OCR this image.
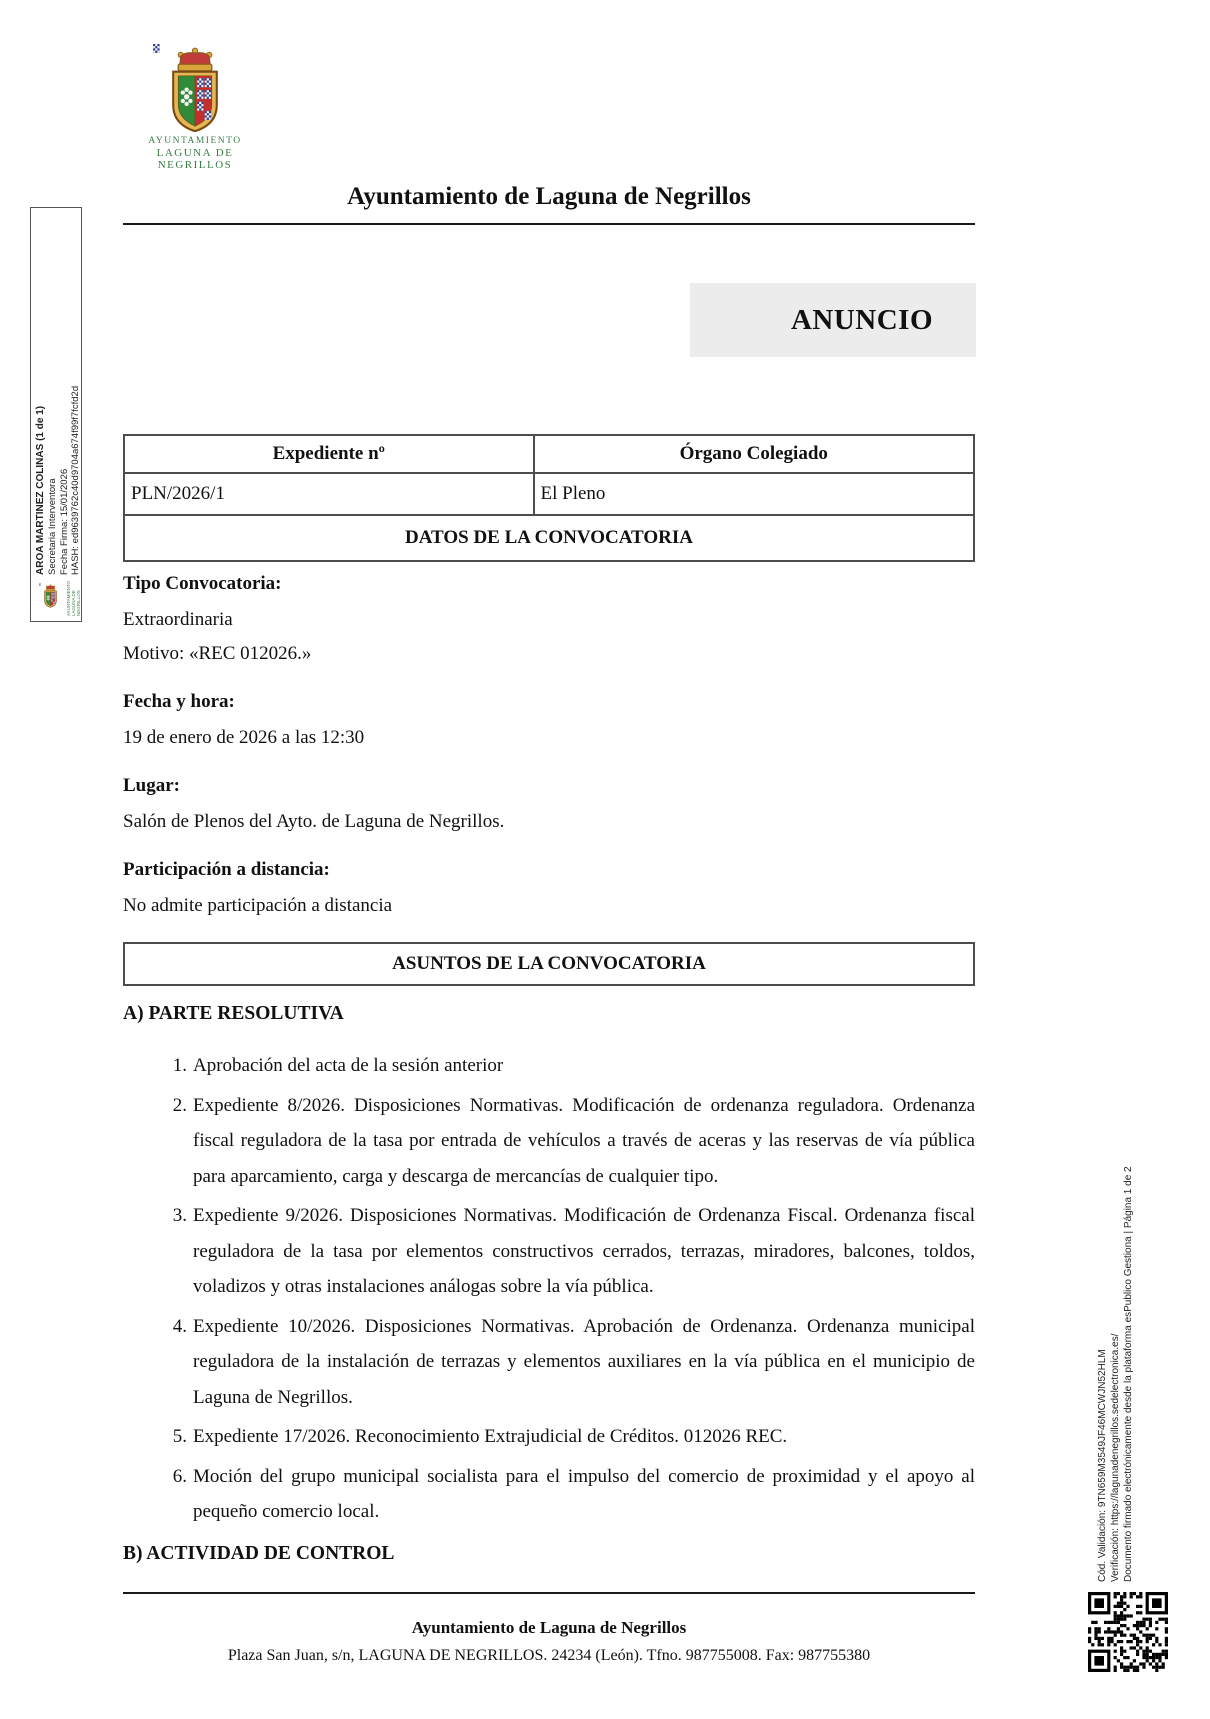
AYUNTAMIENTO
LAGUNA DE NEGRILLOS
Ayuntamiento de Laguna de Negrillos
ANUNCIO
Expediente nº	Órgano Colegiado
PLN/2026/1	El Pleno
DATOS DE LA CONVOCATORIA	
Tipo Convocatoria:
Extraordinaria
Motivo: «REC 012026.»
Fecha y hora:
19 de enero de 2026 a las 12:30
Lugar:
Salón de Plenos del Ayto. de Laguna de Negrillos.
Participación a distancia:
No admite participación a distancia
ASUNTOS DE LA CONVOCATORIA
A) PARTE RESOLUTIVA
1. Aprobación del acta de la sesión anterior
2. Expediente 8/2026. Disposiciones Normativas. Modificación de ordenanza reguladora. Ordenanza fiscal reguladora de la tasa por entrada de vehículos a través de aceras y las reservas de vía pública para aparcamiento, carga y descarga de mercancías de cualquier tipo.
3. Expediente 9/2026. Disposiciones Normativas. Modificación de Ordenanza Fiscal. Ordenanza fiscal reguladora de la tasa por elementos constructivos cerrados, terrazas, miradores, balcones, toldos, voladizos y otras instalaciones análogas sobre la vía pública.
4. Expediente 10/2026. Disposiciones Normativas. Aprobación de Ordenanza. Ordenanza municipal reguladora de la instalación de terrazas y elementos auxiliares en la vía pública en el municipio de Laguna de Negrillos.
5. Expediente 17/2026. Reconocimiento Extrajudicial de Créditos. 012026 REC.
6. Moción del grupo municipal socialista para el impulso del comercio de proximidad y el apoyo al pequeño comercio local.
B) ACTIVIDAD DE CONTROL
Ayuntamiento de Laguna de Negrillos
Plaza San Juan, s/n, LAGUNA DE NEGRILLOS. 24234 (León). Tfno. 987755008. Fax: 987755380
AROA MARTINEZ COLINAS (1 de 1) Secretaria Interventora Fecha Firma: 15/01/2026 HASH: ed9639762c40d9704a674f99f7fcfd2d
AYUNTAMIENTO LAGUNA DE NEGRILLOS
Cód. Validación: 9TN659M3549JF46MCWJN52HLM Verificación: https://lagunadenegrillos.sedelectronica.es/ Documento firmado electrónicamente desde la plataforma esPublico Gestiona | Página 1 de 2
